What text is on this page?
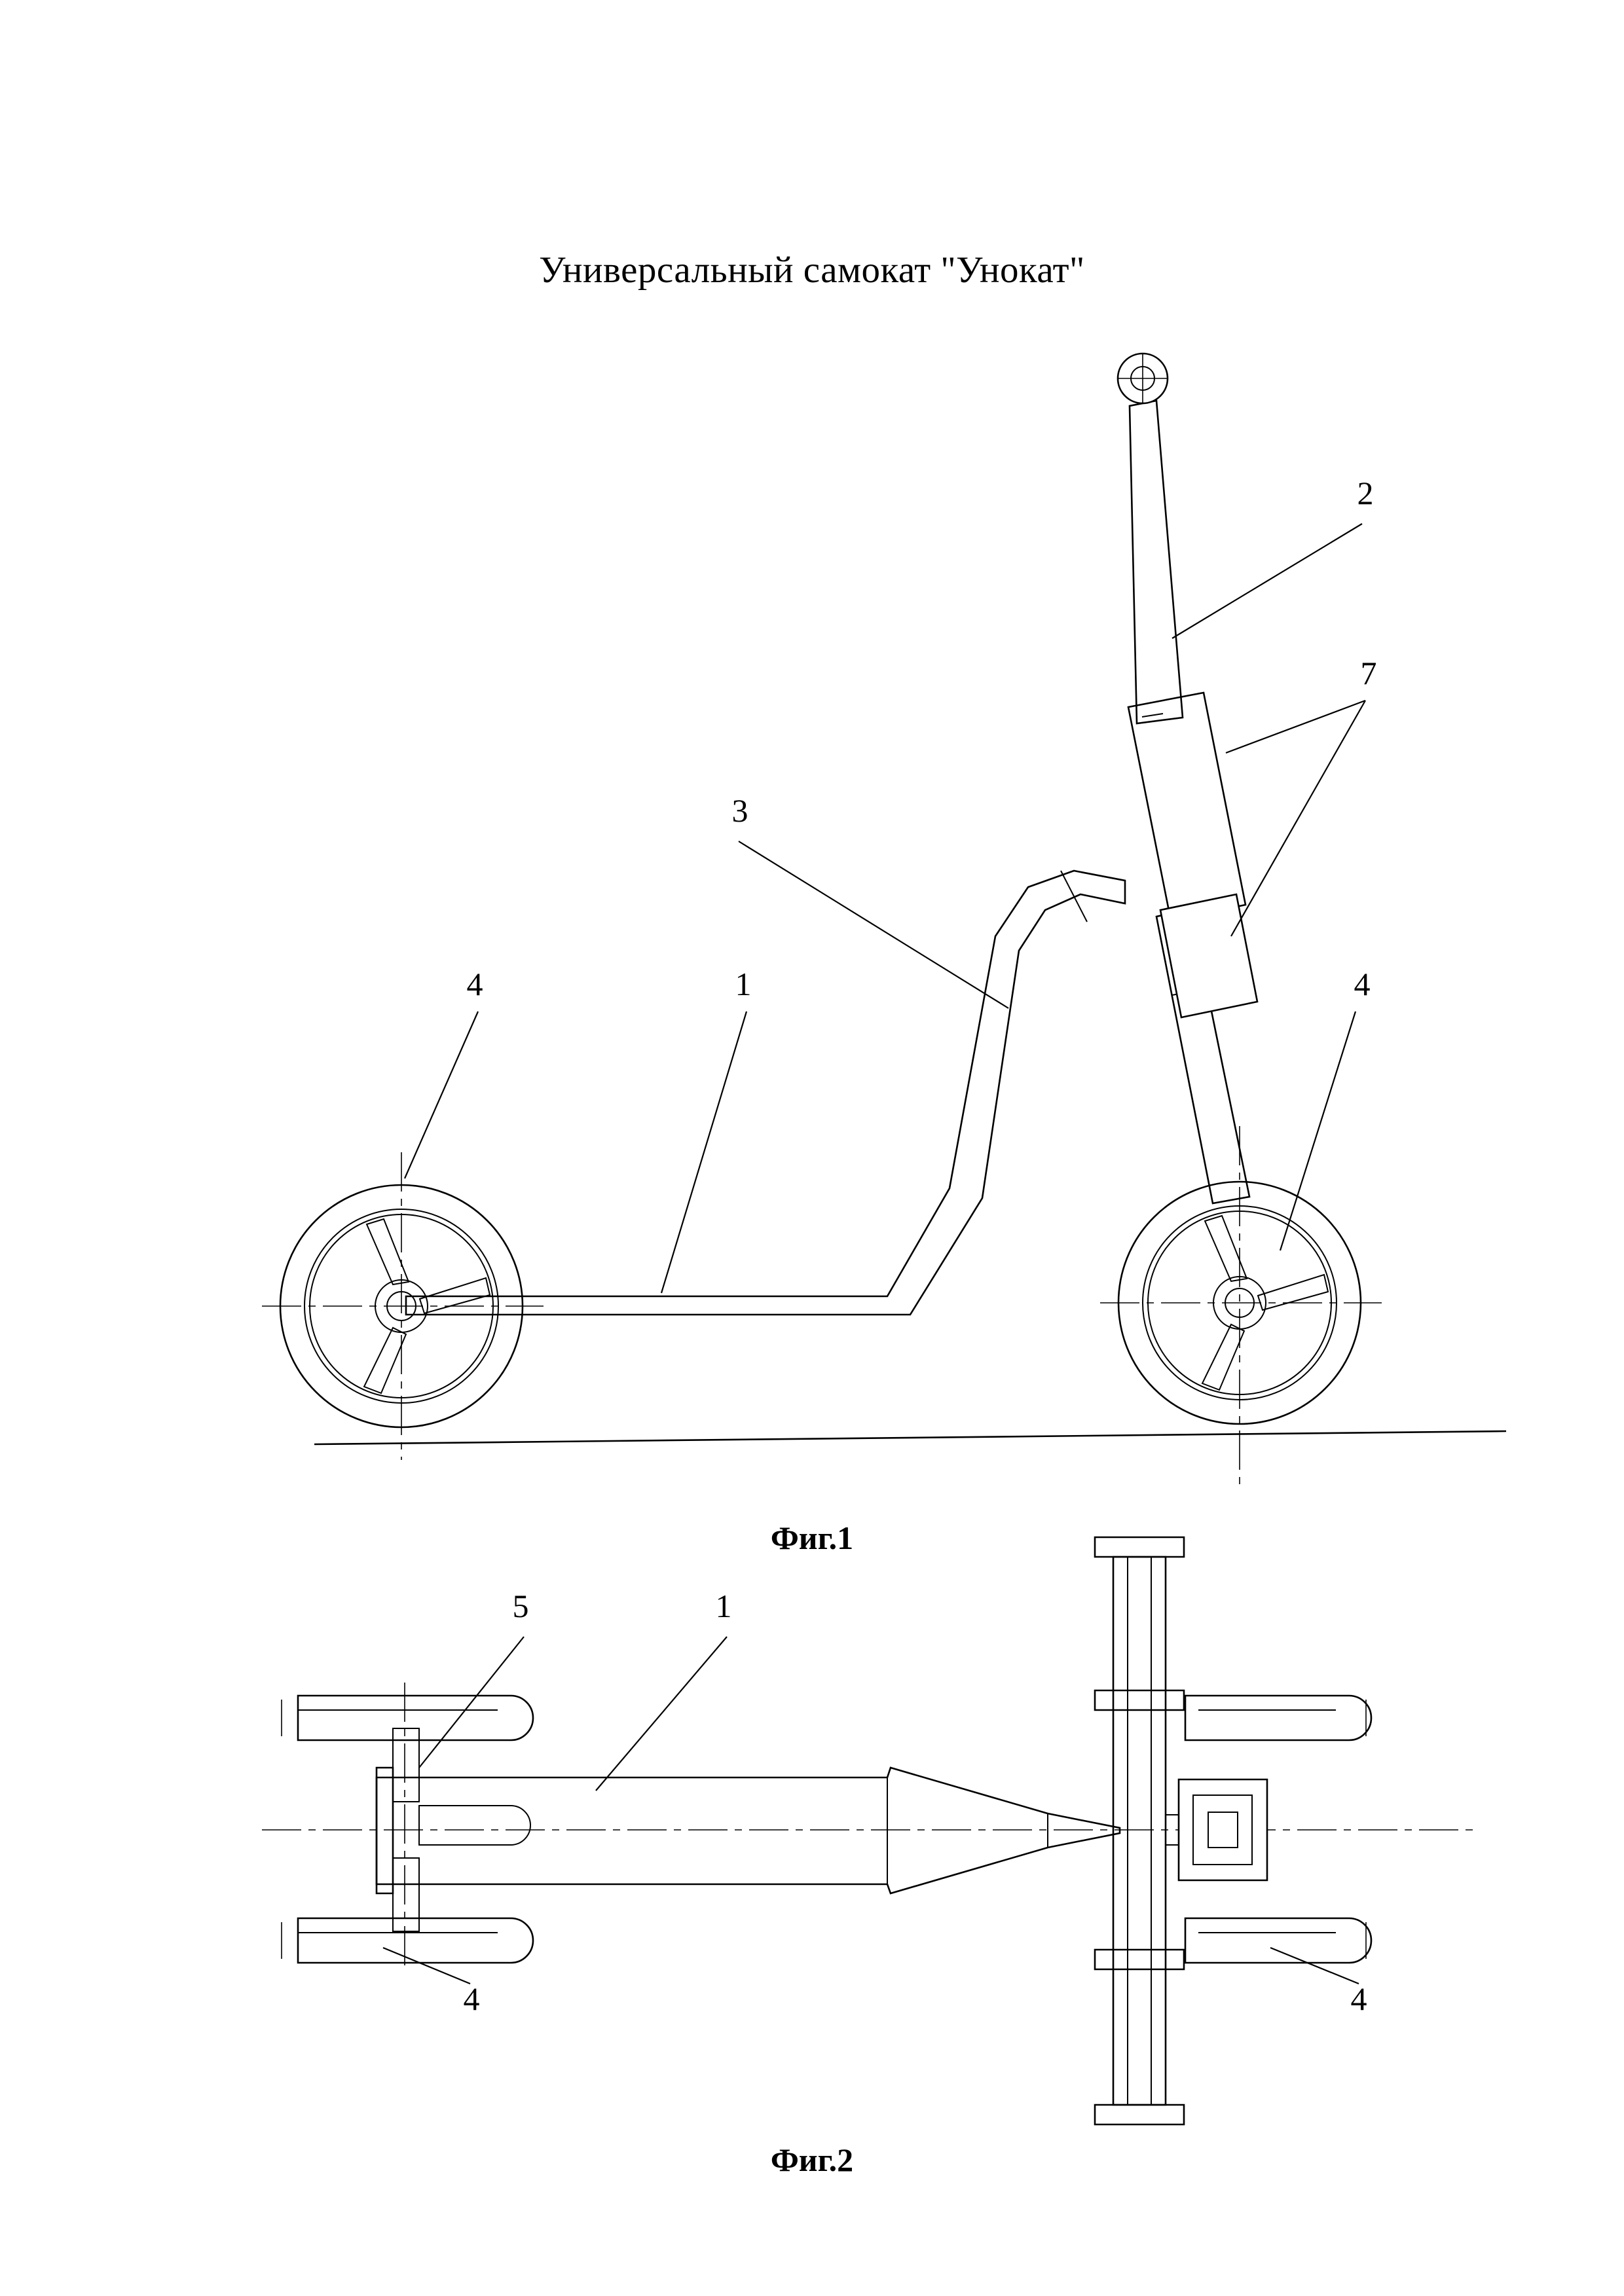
Универсальный самокат "Унокат"
2
7
3
4	1	4
5	1
4	4
Фиг.1
Фиг.2
